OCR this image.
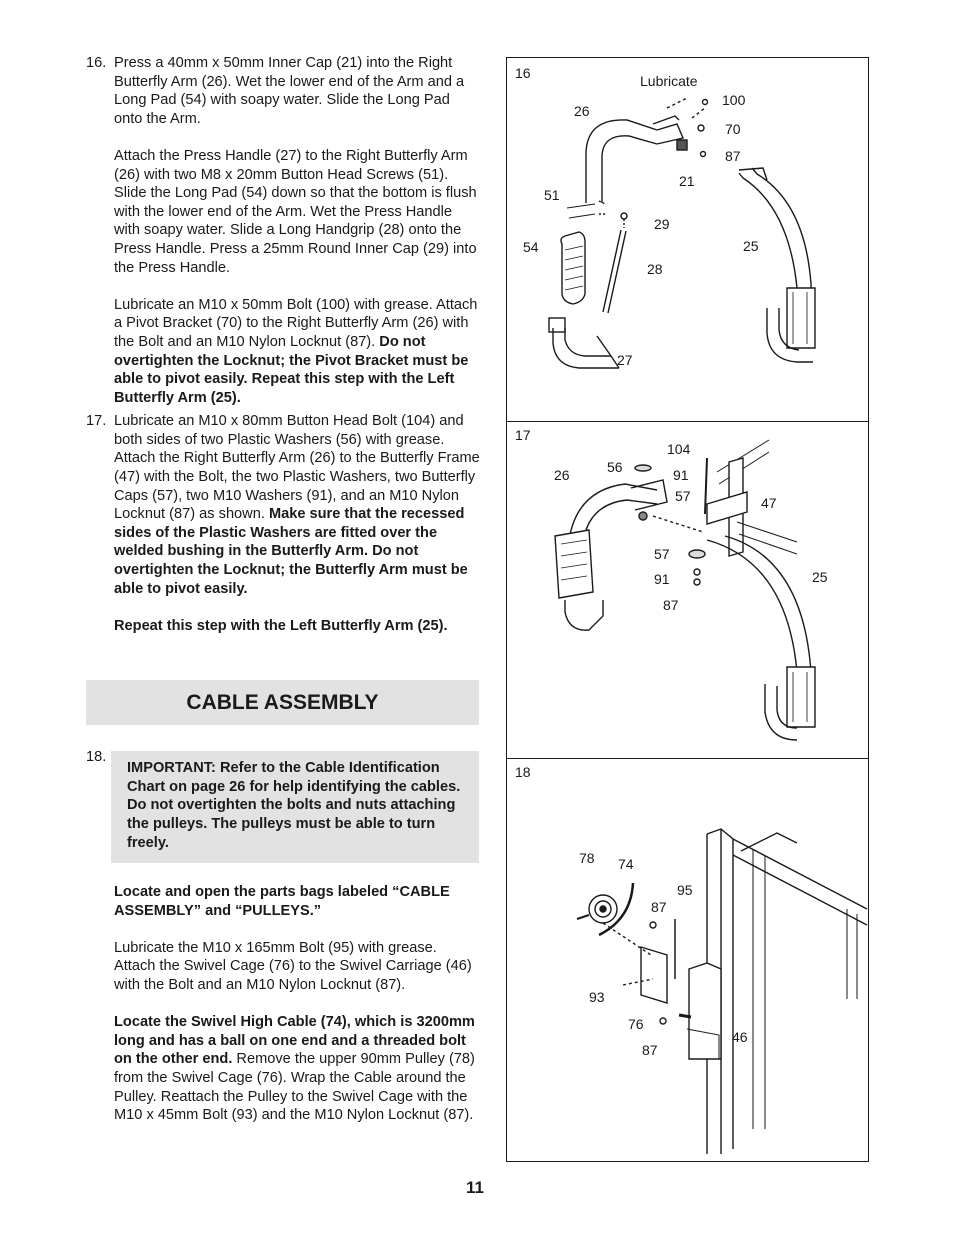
16. Press a 40mm x 50mm Inner Cap (21) into the Right Butterfly Arm (26). Wet the lower end of the Arm and a Long Pad (54) with soapy water. Slide the Long Pad onto the Arm.

Attach the Press Handle (27) to the Right Butterfly Arm (26) with two M8 x 20mm Button Head Screws (51). Slide the Long Pad (54) down so that the bottom is flush with the lower end of the Arm. Wet the Press Handle with soapy water. Slide a Long Handgrip (28) onto the Press Handle. Press a 25mm Round Inner Cap (29) into the Press Handle.

Lubricate an M10 x 50mm Bolt (100) with grease. Attach a Pivot Bracket (70) to the Right Butterfly Arm (26) with the Bolt and an M10 Nylon Locknut (87). Do not overtighten the Locknut; the Pivot Bracket must be able to pivot easily. Repeat this step with the Left Butterfly Arm (25).

17. Lubricate an M10 x 80mm Button Head Bolt (104) and both sides of two Plastic Washers (56) with grease. Attach the Right Butterfly Arm (26) to the Butterfly Frame (47) with the Bolt, the two Plastic Washers, two Butterfly Caps (57), two M10 Washers (91), and an M10 Nylon Locknut (87) as shown. Make sure that the recessed sides of the Plastic Washers are fitted over the welded bushing in the Butterfly Arm. Do not overtighten the Locknut; the Butterfly Arm must be able to pivot easily.

Repeat this step with the Left Butterfly Arm (25).

CABLE ASSEMBLY
18.
IMPORTANT: Refer to the Cable Identification Chart on page 26 for help identifying the cables. Do not overtighten the bolts and nuts attaching the pulleys. The pulleys must be able to turn freely.

Locate and open the parts bags labeled “CABLE ASSEMBLY” and “PULLEYS.”

Lubricate the M10 x 165mm Bolt (95) with grease. Attach the Swivel Cage (76) to the Swivel Carriage (46) with the Bolt and an M10 Nylon Locknut (87).

Locate the Swivel High Cable (74), which is 3200mm long and has a ball on one end and a threaded bolt on the other end. Remove the upper 90mm Pulley (78) from the Swivel Cage (76). Wrap the Cable around the Pulley. Reattach the Pulley to the Swivel Cage with the M10 x 45mm Bolt (93) and the M10 Nylon Locknut (87).

11
16	Lubricate
100
26
70
87
21
51
29
54	25
28
27
17
104
26	56	91
57	47
57
91	25
87
18
78 74
95
87
93
76
46
87
